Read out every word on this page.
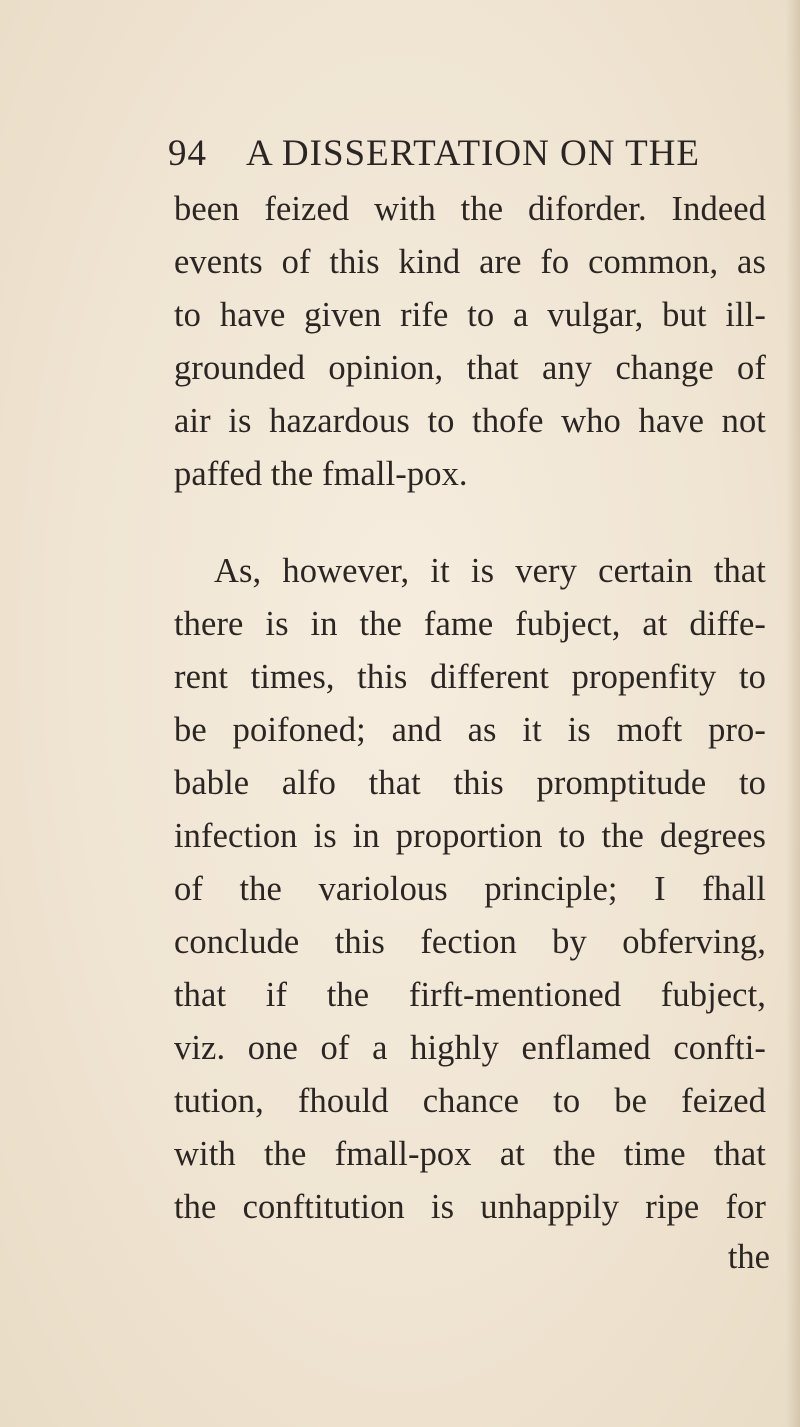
94 A DISSERTATION ON THE
been feized with the diforder. Indeed
events of this kind are fo common, as
to have given rife to a vulgar, but ill-
grounded opinion, that any change of
air is hazardous to thofe who have not
paffed the fmall-pox.
As, however, it is very certain that
there is in the fame fubject, at diffe-
rent times, this different propenfity to
be poifoned; and as it is moft pro-
bable alfo that this promptitude to
infection is in proportion to the degrees
of the variolous principle; I fhall
conclude this fection by obferving,
that if the firft-mentioned fubject,
viz. one of a highly enflamed confti-
tution, fhould chance to be feized
with the fmall-pox at the time that
the conftitution is unhappily ripe for
the
